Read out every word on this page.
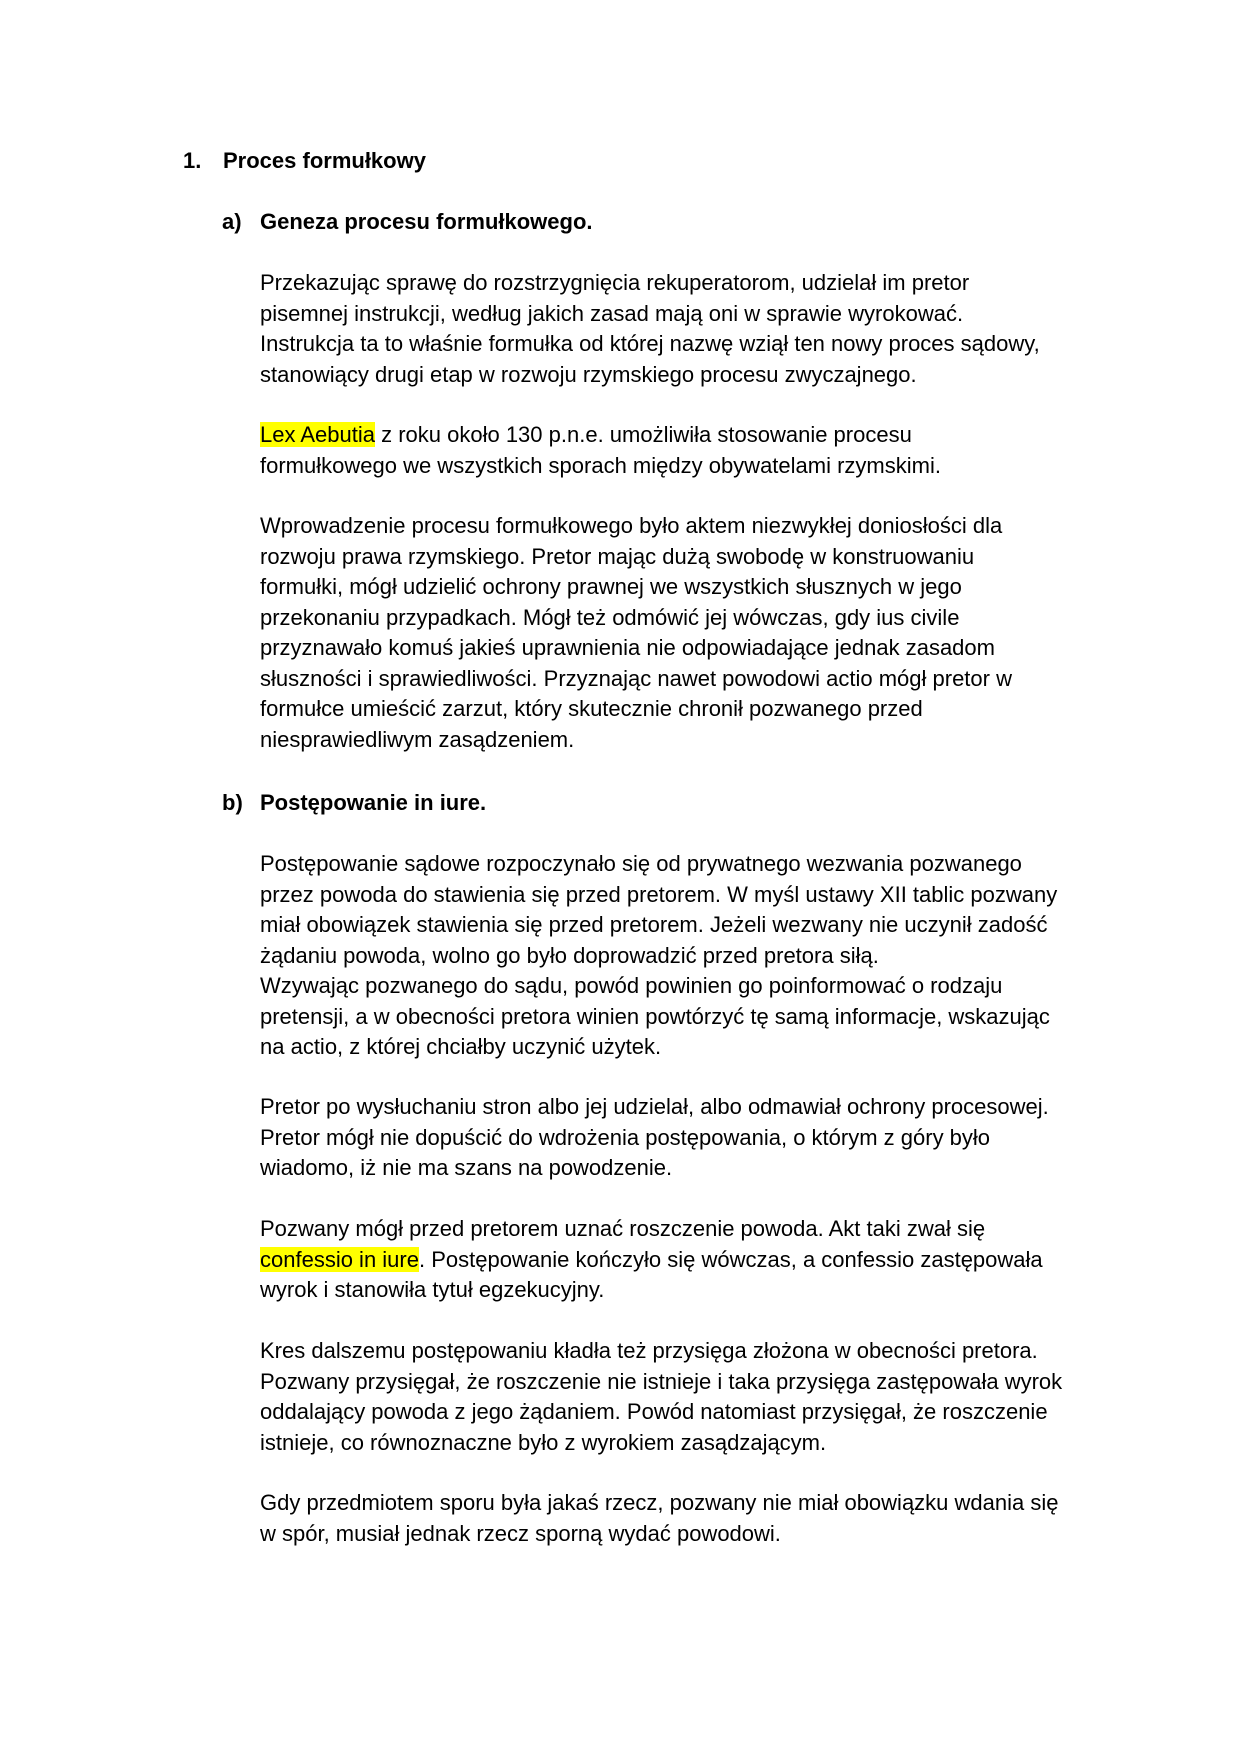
1. Proces formułkowy
a) Geneza procesu formułkowego.
Przekazując sprawę do rozstrzygnięcia rekuperatorom, udzielał im pretor
pisemnej instrukcji, według jakich zasad mają oni w sprawie wyrokować.
Instrukcja ta to właśnie formułka od której nazwę wziął ten nowy proces sądowy,
stanowiący drugi etap w rozwoju rzymskiego procesu zwyczajnego.
Lex Aebutia z roku około 130 p.n.e. umożliwiła stosowanie procesu
formułkowego we wszystkich sporach między obywatelami rzymskimi.
Wprowadzenie procesu formułkowego było aktem niezwykłej doniosłości dla
rozwoju prawa rzymskiego. Pretor mając dużą swobodę w konstruowaniu
formułki, mógł udzielić ochrony prawnej we wszystkich słusznych w jego
przekonaniu przypadkach. Mógł też odmówić jej wówczas, gdy ius civile
przyznawało komuś jakieś uprawnienia nie odpowiadające jednak zasadom
słuszności i sprawiedliwości. Przyznając nawet powodowi actio mógł pretor w
formułce umieścić zarzut, który skutecznie chronił pozwanego przed
niesprawiedliwym zasądzeniem.
b) Postępowanie in iure.
Postępowanie sądowe rozpoczynało się od prywatnego wezwania pozwanego
przez powoda do stawienia się przed pretorem. W myśl ustawy XII tablic pozwany
miał obowiązek stawienia się przed pretorem. Jeżeli wezwany nie uczynił zadość
żądaniu powoda, wolno go było doprowadzić przed pretora siłą.
Wzywając pozwanego do sądu, powód powinien go poinformować o rodzaju
pretensji, a w obecności pretora winien powtórzyć tę samą informacje, wskazując
na actio, z której chciałby uczynić użytek.
Pretor po wysłuchaniu stron albo jej udzielał, albo odmawiał ochrony procesowej.
Pretor mógł nie dopuścić do wdrożenia postępowania, o którym z góry było
wiadomo, iż nie ma szans na powodzenie.
Pozwany mógł przed pretorem uznać roszczenie powoda. Akt taki zwał się
confessio in iure. Postępowanie kończyło się wówczas, a confessio zastępowała
wyrok i stanowiła tytuł egzekucyjny.
Kres dalszemu postępowaniu kładła też przysięga złożona w obecności pretora.
Pozwany przysięgał, że roszczenie nie istnieje i taka przysięga zastępowała wyrok
oddalający powoda z jego żądaniem. Powód natomiast przysięgał, że roszczenie
istnieje, co równoznaczne było z wyrokiem zasądzającym.
Gdy przedmiotem sporu była jakaś rzecz, pozwany nie miał obowiązku wdania się
w spór, musiał jednak rzecz sporną wydać powodowi.
